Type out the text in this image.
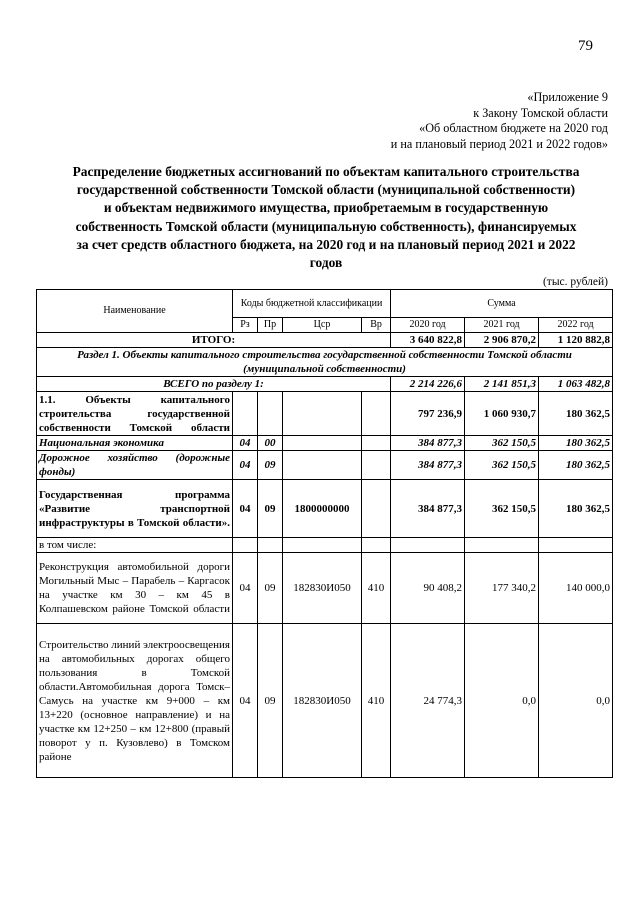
79
«Приложение 9
к Закону Томской области
«Об областном бюджете на 2020 год
и на плановый период 2021 и 2022 годов»
Распределение бюджетных ассигнований по объектам капитального строительства
государственной собственности Томской области (муниципальной собственности)
и объектам недвижимого имущества, приобретаемым в государственную
собственность Томской области (муниципальную собственность), финансируемых
за счет средств областного бюджета, на 2020 год и на плановый период 2021 и 2022
годов
(тыс. рублей)
Наименование	Коды бюджетной классификации				Сумма		
	Рз	Пр	Цср	Вр	2020 год	2021 год	2022 год
ИТОГО:					3 640 822,8	2 906 870,2	1 120 882,8
Раздел 1. Объекты капитального строительства государственной собственности Томской области (муниципальной собственности)							
ВСЕГО по разделу 1:					2 214 226,6	2 141 851,3	1 063 482,8
1.1. Объекты капитального строительства государственной собственности Томской области					797 236,9	1 060 930,7	180 362,5
Национальная экономика	04	00			384 877,3	362 150,5	180 362,5
Дорожное хозяйство (дорожные фонды)	04	09			384 877,3	362 150,5	180 362,5
Государственная программа «Развитие транспортной инфраструктуры в Томской области».	04	09	1800000000		384 877,3	362 150,5	180 362,5
в том числе:							
Реконструкция автомобильной дороги Могильный Мыс – Парабель – Каргасок на участке км 30 – км 45 в Колпашевском районе Томской области	04	09	182830И050	410	90 408,2	177 340,2	140 000,0
Строительство линий электроосвещения на автомобильных дорогах общего пользования в Томской области.Автомобильная дорога Томск–Самусь на участке км 9+000 – км 13+220 (основное направление) и на участке км 12+250 – км 12+800 (правый поворот у п. Кузовлево) в Томском районе	04	09	182830И050	410	24 774,3	0,0	0,0
